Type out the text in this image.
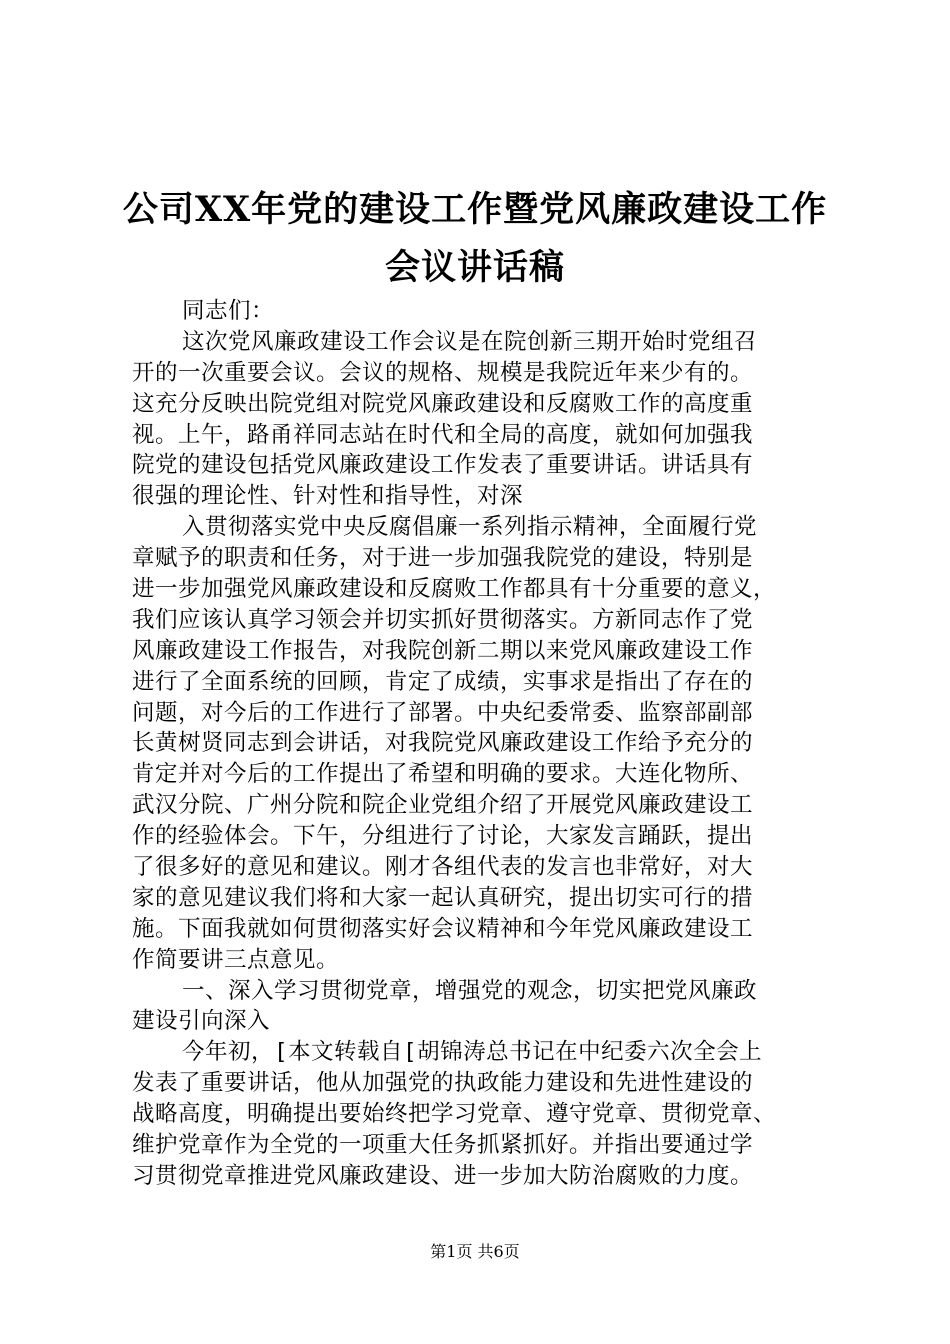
公司XX年党的建设工作暨党风廉政建设工作
会议讲话稿
同志们：
这次党风廉政建设工作会议是在院创新三期开始时党组召
开的一次重要会议。会议的规格、规模是我院近年来少有的。
这充分反映出院党组对院党风廉政建设和反腐败工作的高度重
视。上午，路甬祥同志站在时代和全局的高度，就如何加强我
院党的建设包括党风廉政建设工作发表了重要讲话。讲话具有
很强的理论性、针对性和指导性，对深
入贯彻落实党中央反腐倡廉一系列指示精神，全面履行党
章赋予的职责和任务，对于进一步加强我院党的建设，特别是
进一步加强党风廉政建设和反腐败工作都具有十分重要的意义，
我们应该认真学习领会并切实抓好贯彻落实。方新同志作了党
风廉政建设工作报告，对我院创新二期以来党风廉政建设工作
进行了全面系统的回顾，肯定了成绩，实事求是指出了存在的
问题，对今后的工作进行了部署。中央纪委常委、监察部副部
长黄树贤同志到会讲话，对我院党风廉政建设工作给予充分的
肯定并对今后的工作提出了希望和明确的要求。大连化物所、
武汉分院、广州分院和院企业党组介绍了开展党风廉政建设工
作的经验体会。下午，分组进行了讨论，大家发言踊跃，提出
了很多好的意见和建议。刚才各组代表的发言也非常好，对大
家的意见建议我们将和大家一起认真研究，提出切实可行的措
施。下面我就如何贯彻落实好会议精神和今年党风廉政建设工
作简要讲三点意见。
一、深入学习贯彻党章，增强党的观念，切实把党风廉政
建设引向深入
今年初，[本文转载自[胡锦涛总书记在中纪委六次全会上
发表了重要讲话，他从加强党的执政能力建设和先进性建设的
战略高度，明确提出要始终把学习党章、遵守党章、贯彻党章、
维护党章作为全党的一项重大任务抓紧抓好。并指出要通过学
习贯彻党章推进党风廉政建设、进一步加大防治腐败的力度。
第1页 共6页
